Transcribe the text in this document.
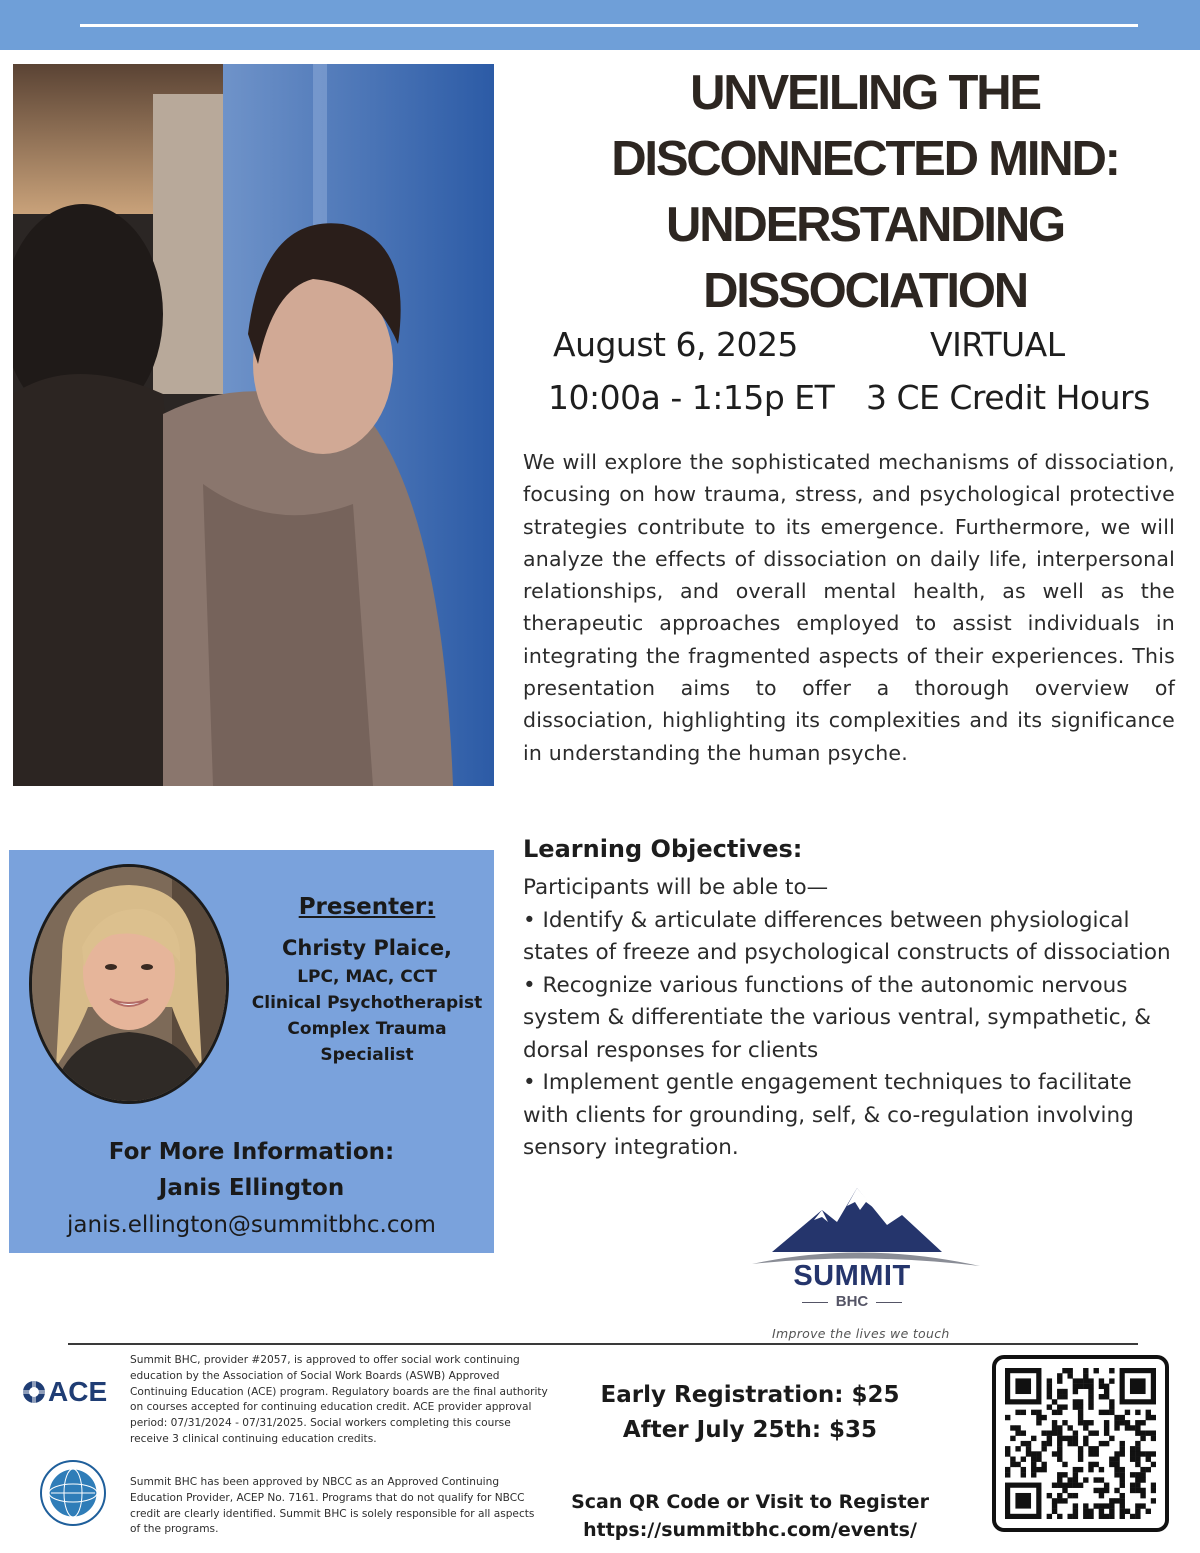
UNVEILING THE
DISCONNECTED MIND:
UNDERSTANDING
DISSOCIATION
August 6, 2025	VIRTUAL
10:00a - 1:15p ET 3 CE Credit Hours

We will explore the sophisticated mechanisms of dissociation, focusing on how trauma, stress, and psychological protective strategies contribute to its emergence. Furthermore, we will analyze the effects of dissociation on daily life, interpersonal relationships, and overall mental health, as well as the therapeutic approaches employed to assist individuals in integrating the fragmented aspects of their experiences. This presentation aims to offer a thorough overview of dissociation, highlighting its complexities and its significance in understanding the human psyche.

Learning Objectives:

Participants will be able to—

• Identify & articulate differences between physiological states of freeze and psychological constructs of dissociation

• Recognize various functions of the autonomic nervous system & differentiate the various ventral, sympathetic, & dorsal responses for clients

• Implement gentle engagement techniques to facilitate with clients for grounding, self, & co-regulation involving sensory integration.

Presenter:
Christy Plaice,
LPC, MAC, CCT
Clinical Psychotherapist
Complex Trauma
Specialist
For More Information:
Janis Ellington
janis.ellington@summitbhc.com
SUMMIT
BHC
Improve the lives we touch
ACE

Summit BHC, provider #2057, is approved to offer social work continuing education by the Association of Social Work Boards (ASWB) Approved Continuing Education (ACE) program. Regulatory boards are the final authority on courses accepted for continuing education credit. ACE provider approval period: 07/31/2024 - 07/31/2025. Social workers completing this course receive 3 clinical continuing education credits.

Summit BHC has been approved by NBCC as an Approved Continuing Education Provider, ACEP No. 7161. Programs that do not qualify for NBCC credit are clearly identified. Summit BHC is solely responsible for all aspects of the programs.

Early Registration: $25
After July 25th: $35
Scan QR Code or Visit to Register
https://summitbhc.com/events/
